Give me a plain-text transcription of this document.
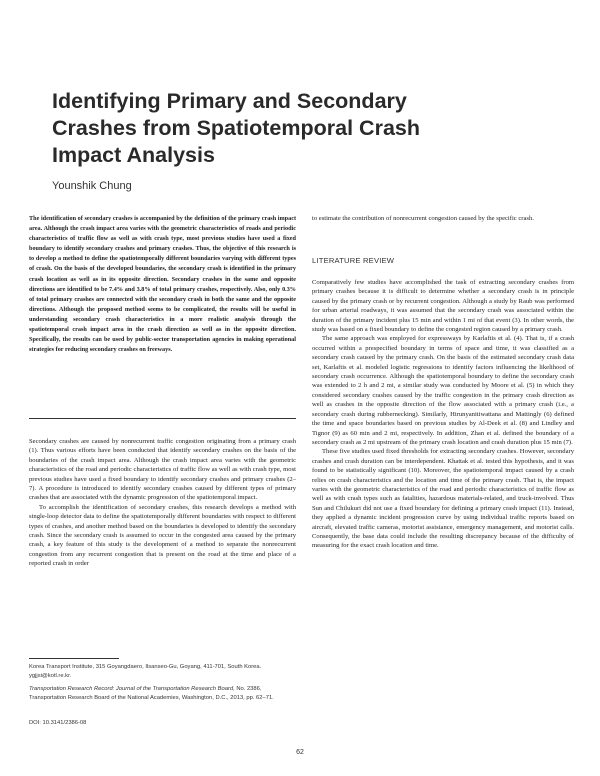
Identifying Primary and Secondary Crashes from Spatiotemporal Crash Impact Analysis
Younshik Chung
The identification of secondary crashes is accompanied by the definition of the primary crash impact area. Although the crash impact area varies with the geometric characteristics of roads and periodic characteristics of traffic flow as well as with crash type, most previous studies have used a fixed boundary to identify secondary crashes and primary crashes. Thus, the objective of this research is to develop a method to define the spatiotemporally different boundaries varying with different types of crash. On the basis of the developed boundaries, the secondary crash is identified in the primary crash location as well as in its opposite direction. Secondary crashes in the same and opposite directions are identified to be 7.4% and 3.8% of total primary crashes, respectively. Also, only 0.3% of total primary crashes are connected with the secondary crash in both the same and the opposite directions. Although the proposed method seems to be complicated, the results will be useful in understanding secondary crash characteristics in a more realistic analysis through the spatiotemporal crash impact area in the crash direction as well as in the opposite direction. Specifically, the results can be used by public-sector transportation agencies in making operational strategies for reducing secondary crashes on freeways.

Secondary crashes are caused by nonrecurrent traffic congestion originating from a primary crash (1). Thus various efforts have been conducted that identify secondary crashes on the basis of the boundaries of the crash impact area. Although the crash impact area varies with the geometric characteristics of the road and periodic characteristics of traffic flow as well as with crash type, most previous studies have used a fixed boundary to identify secondary crashes and primary crashes (2–7). A procedure is introduced to identify secondary crashes caused by different types of primary crashes that are associated with the dynamic progression of the spatiotemporal impact.

To accomplish the identification of secondary crashes, this research develops a method with single-loop detector data to define the spatiotemporally different boundaries with respect to different types of crashes, and another method based on the boundaries is developed to identify the secondary crash. Since the secondary crash is assumed to occur in the congested area caused by the primary crash, a key feature of this study is the development of a method to separate the nonrecurrent congestion from any recurrent congestion that is present on the road at the time and place of a reported crash in order

Korea Transport Institute, 315 Goyangdaero, Ilsanseo-Gu, Goyang, 411-701, South Korea. ygjjsi@kotl.re.kr.
Transportation Research Record: Journal of the Transportation Research Board, No. 2386, Transportation Research Board of the National Academies, Washington, D.C., 2013, pp. 62–71.
DOI: 10.3141/2386-08
to estimate the contribution of nonrecurrent congestion caused by the specific crash.
LITERATURE REVIEW

Comparatively few studies have accomplished the task of extracting secondary crashes from primary crashes because it is difficult to determine whether a secondary crash is in principle caused by the primary crash or by recurrent congestion. Although a study by Raub was performed for urban arterial roadways, it was assumed that the secondary crash was associated within the duration of the primary incident plus 15 min and within 1 mi of that event (3). In other words, the study was based on a fixed boundary to define the congested region caused by a primary crash.

The same approach was employed for expressways by Karlaftis et al. (4). That is, if a crash occurred within a prespecified boundary in terms of space and time, it was classified as a secondary crash caused by the primary crash. On the basis of the estimated secondary crash data set, Karlaftis et al. modeled logistic regressions to identify factors influencing the likelihood of secondary crash occurrence. Although the spatiotemporal boundary to define the secondary crash was extended to 2 h and 2 mi, a similar study was conducted by Moore et al. (5) in which they considered secondary crashes caused by the traffic congestion in the primary crash direction as well as crashes in the opposite direction of the flow associated with a primary crash (i.e., a secondary crash during rubbernecking). Similarly, Hirunyanitiwattana and Mattingly (6) defined the time and space boundaries based on previous studies by Al-Deek et al. (8) and Lindley and Tignor (9) as 60 min and 2 mi, respectively. In addition, Zhan et al. defined the boundary of a secondary crash as 2 mi upstream of the primary crash location and crash duration plus 15 min (7).

These five studies used fixed thresholds for extracting secondary crashes. However, secondary crashes and crash duration can be interdependent. Khattak et al. tested this hypothesis, and it was found to be statistically significant (10). Moreover, the spatiotemporal impact caused by a crash relies on crash characteristics and the location and time of the primary crash. That is, the impact varies with the geometric characteristics of the road and periodic characteristics of traffic flow as well as with crash types such as fatalities, hazardous materials-related, and truck-involved. Thus Sun and Chilukuri did not use a fixed boundary for defining a primary crash impact (11). Instead, they applied a dynamic incident progression curve by using individual traffic reports based on aircraft, elevated traffic cameras, motorist assistance, emergency management, and motorist calls. Consequently, the base data could include the resulting discrepancy because of the difficulty of measuring for the exact crash location and time.

62
